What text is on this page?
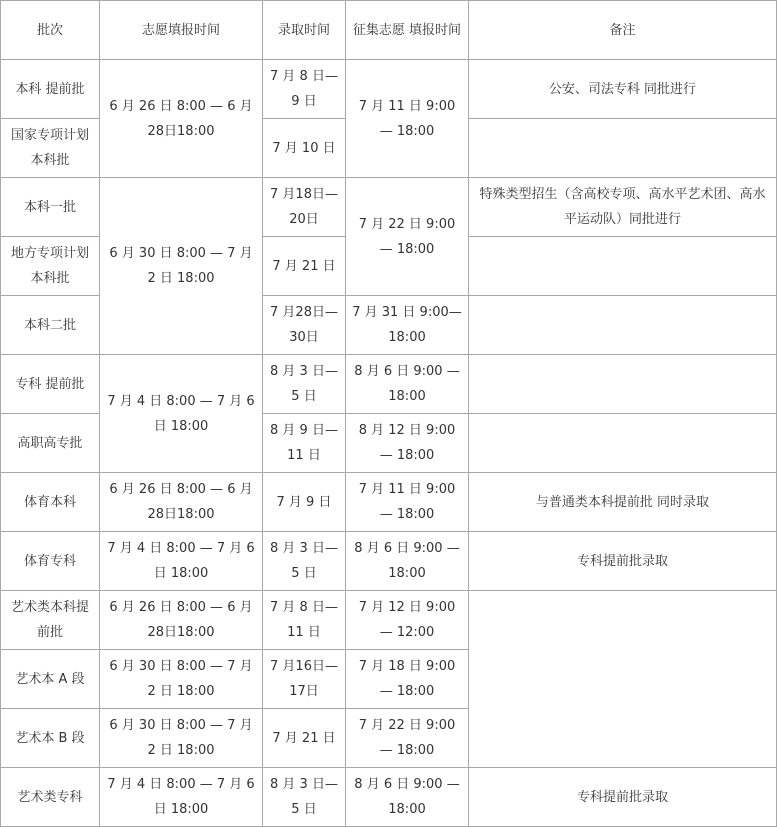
批次	志愿填报时间	录取时间	征集志愿 填报时间	备注
本科 提前批	6 月 26 日 8:00 — 6 月 28日18:00	7 月 8 日— 9 日	7 月 11 日 9:00 — 18:00	公安、司法专科 同批进行
国家专项计划本科批		7 月 10 日		
本科一批	6 月 30 日 8:00 — 7 月 2 日 18:00	7 月18日— 20日	7 月 22 日 9:00 — 18:00	特殊类型招生（含高校专项、高水平艺术团、高水平运动队）同批进行
地方专项计划本科批		7 月 21 日		
本科二批		7 月28日— 30日	7 月 31 日 9:00— 18:00	
专科 提前批	7 月 4 日 8:00 — 7 月 6 日 18:00	8 月 3 日— 5 日	8 月 6 日 9:00 — 18:00	
高职高专批		8 月 9 日— 11 日	8 月 12 日 9:00 — 18:00	
体育本科	6 月 26 日 8:00 — 6 月 28日18:00	7 月 9 日	7 月 11 日 9:00 — 18:00	与普通类本科提前批 同时录取
体育专科	7 月 4 日 8:00 — 7 月 6 日 18:00	8 月 3 日— 5 日	8 月 6 日 9:00 — 18:00	专科提前批录取
艺术类本科提前批	6 月 26 日 8:00 — 6 月 28日18:00	7 月 8 日— 11 日	7 月 12 日 9:00 — 12:00	
艺术本 A 段	6 月 30 日 8:00 — 7 月 2 日 18:00	7 月16日— 17日	7 月 18 日 9:00 — 18:00	
艺术本 B 段	6 月 30 日 8:00 — 7 月 2 日 18:00	7 月 21 日	7 月 22 日 9:00 — 18:00	
艺术类专科	7 月 4 日 8:00 — 7 月 6 日 18:00	8 月 3 日— 5 日	8 月 6 日 9:00 — 18:00	专科提前批录取
